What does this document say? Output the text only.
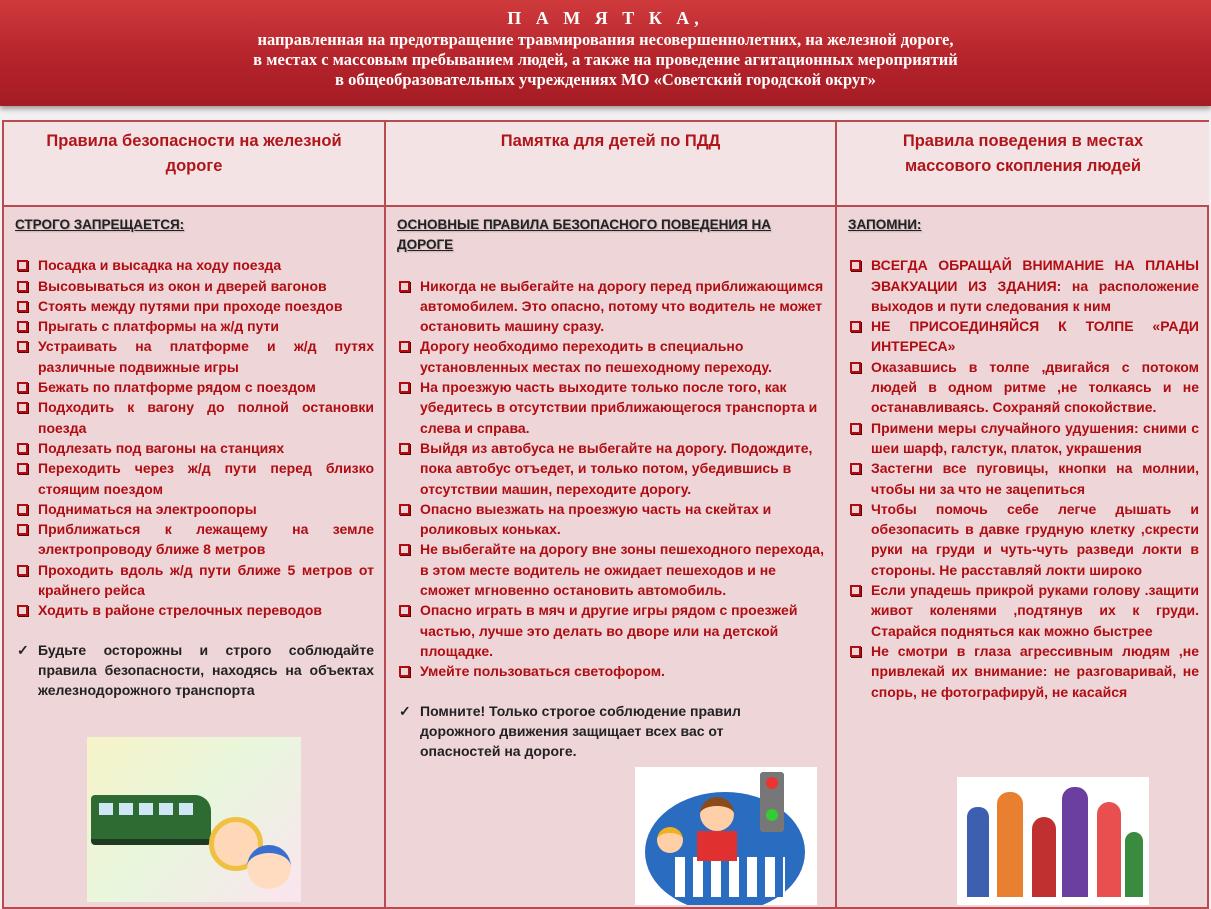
П А М Я Т К А,
направленная на предотвращение травмирования несовершеннолетних, на железной дороге,
в местах с массовым пребыванием людей, а также на проведение агитационных мероприятий
в общеобразовательных учреждениях МО «Советский городской округ»
Правила безопасности на железной дороге
СТРОГО ЗАПРЕЩАЕТСЯ:
Посадка и высадка на ходу поезда
Высовываться из окон и дверей вагонов
Стоять между путями при проходе поездов
Прыгать с платформы на ж/д пути
Устраивать на платформе и ж/д путях различные подвижные игры
Бежать по платформе рядом с поездом
Подходить к вагону до полной остановки поезда
Подлезать под вагоны на станциях
Переходить через ж/д пути перед близко стоящим поездом
Подниматься на электроопоры
Приближаться к лежащему на земле электропроводу ближе 8 метров
Проходить вдоль ж/д пути ближе 5 метров от крайнего рейса
Ходить в районе стрелочных переводов
✓ Будьте осторожны и строго соблюдайте правила безопасности, находясь на объектах железнодорожного транспорта
Памятка для детей по ПДД
ОСНОВНЫЕ ПРАВИЛА БЕЗОПАСНОГО ПОВЕДЕНИЯ НА ДОРОГЕ
Никогда не выбегайте на дорогу перед приближающимся автомобилем. Это опасно, потому что водитель не может остановить машину сразу.
Дорогу необходимо переходить в специально установленных местах по пешеходному переходу.
На проезжую часть выходите только после того, как убедитесь в отсутствии приближающегося транспорта и слева и справа.
Выйдя из автобуса не выбегайте на дорогу. Подождите, пока автобус отъедет, и только потом, убедившись в отсутствии машин, переходите дорогу.
Опасно выезжать на проезжую часть на скейтах и роликовых коньках.
Не выбегайте на дорогу вне зоны пешеходного перехода, в этом месте водитель не ожидает пешеходов и не сможет мгновенно остановить автомобиль.
Опасно играть в мяч и другие игры рядом с проезжей частью, лучше это делать во дворе или на детской площадке.
Умейте пользоваться светофором.
✓ Помните! Только строгое соблюдение правил дорожного движения защищает всех вас от опасностей на дороге.
Правила поведения в местах массового скопления людей
ЗАПОМНИ:
ВСЕГДА ОБРАЩАЙ ВНИМАНИЕ НА ПЛАНЫ ЭВАКУАЦИИ ИЗ ЗДАНИЯ: на расположение выходов и пути следования к ним
НЕ ПРИСОЕДИНЯЙСЯ К ТОЛПЕ «РАДИ ИНТЕРЕСА»
Оказавшись в толпе ,двигайся с потоком людей в одном ритме ,не толкаясь и не останавливаясь. Сохраняй спокойствие.
Примени меры случайного удушения: сними с шеи шарф, галстук, платок, украшения
Застегни все пуговицы, кнопки на молнии, чтобы ни за что не зацепиться
Чтобы помочь себе легче дышать и обезопасить в давке грудную клетку ,скрести руки на груди и чуть-чуть разведи локти в стороны. Не расставляй локти широко
Если упадешь прикрой руками голову .защити живот коленями ,подтянув их к груди. Старайся подняться как можно быстрее
Не смотри в глаза агрессивным людям ,не привлекай их внимание: не разговаривай, не спорь, не фотографируй, не касайся
